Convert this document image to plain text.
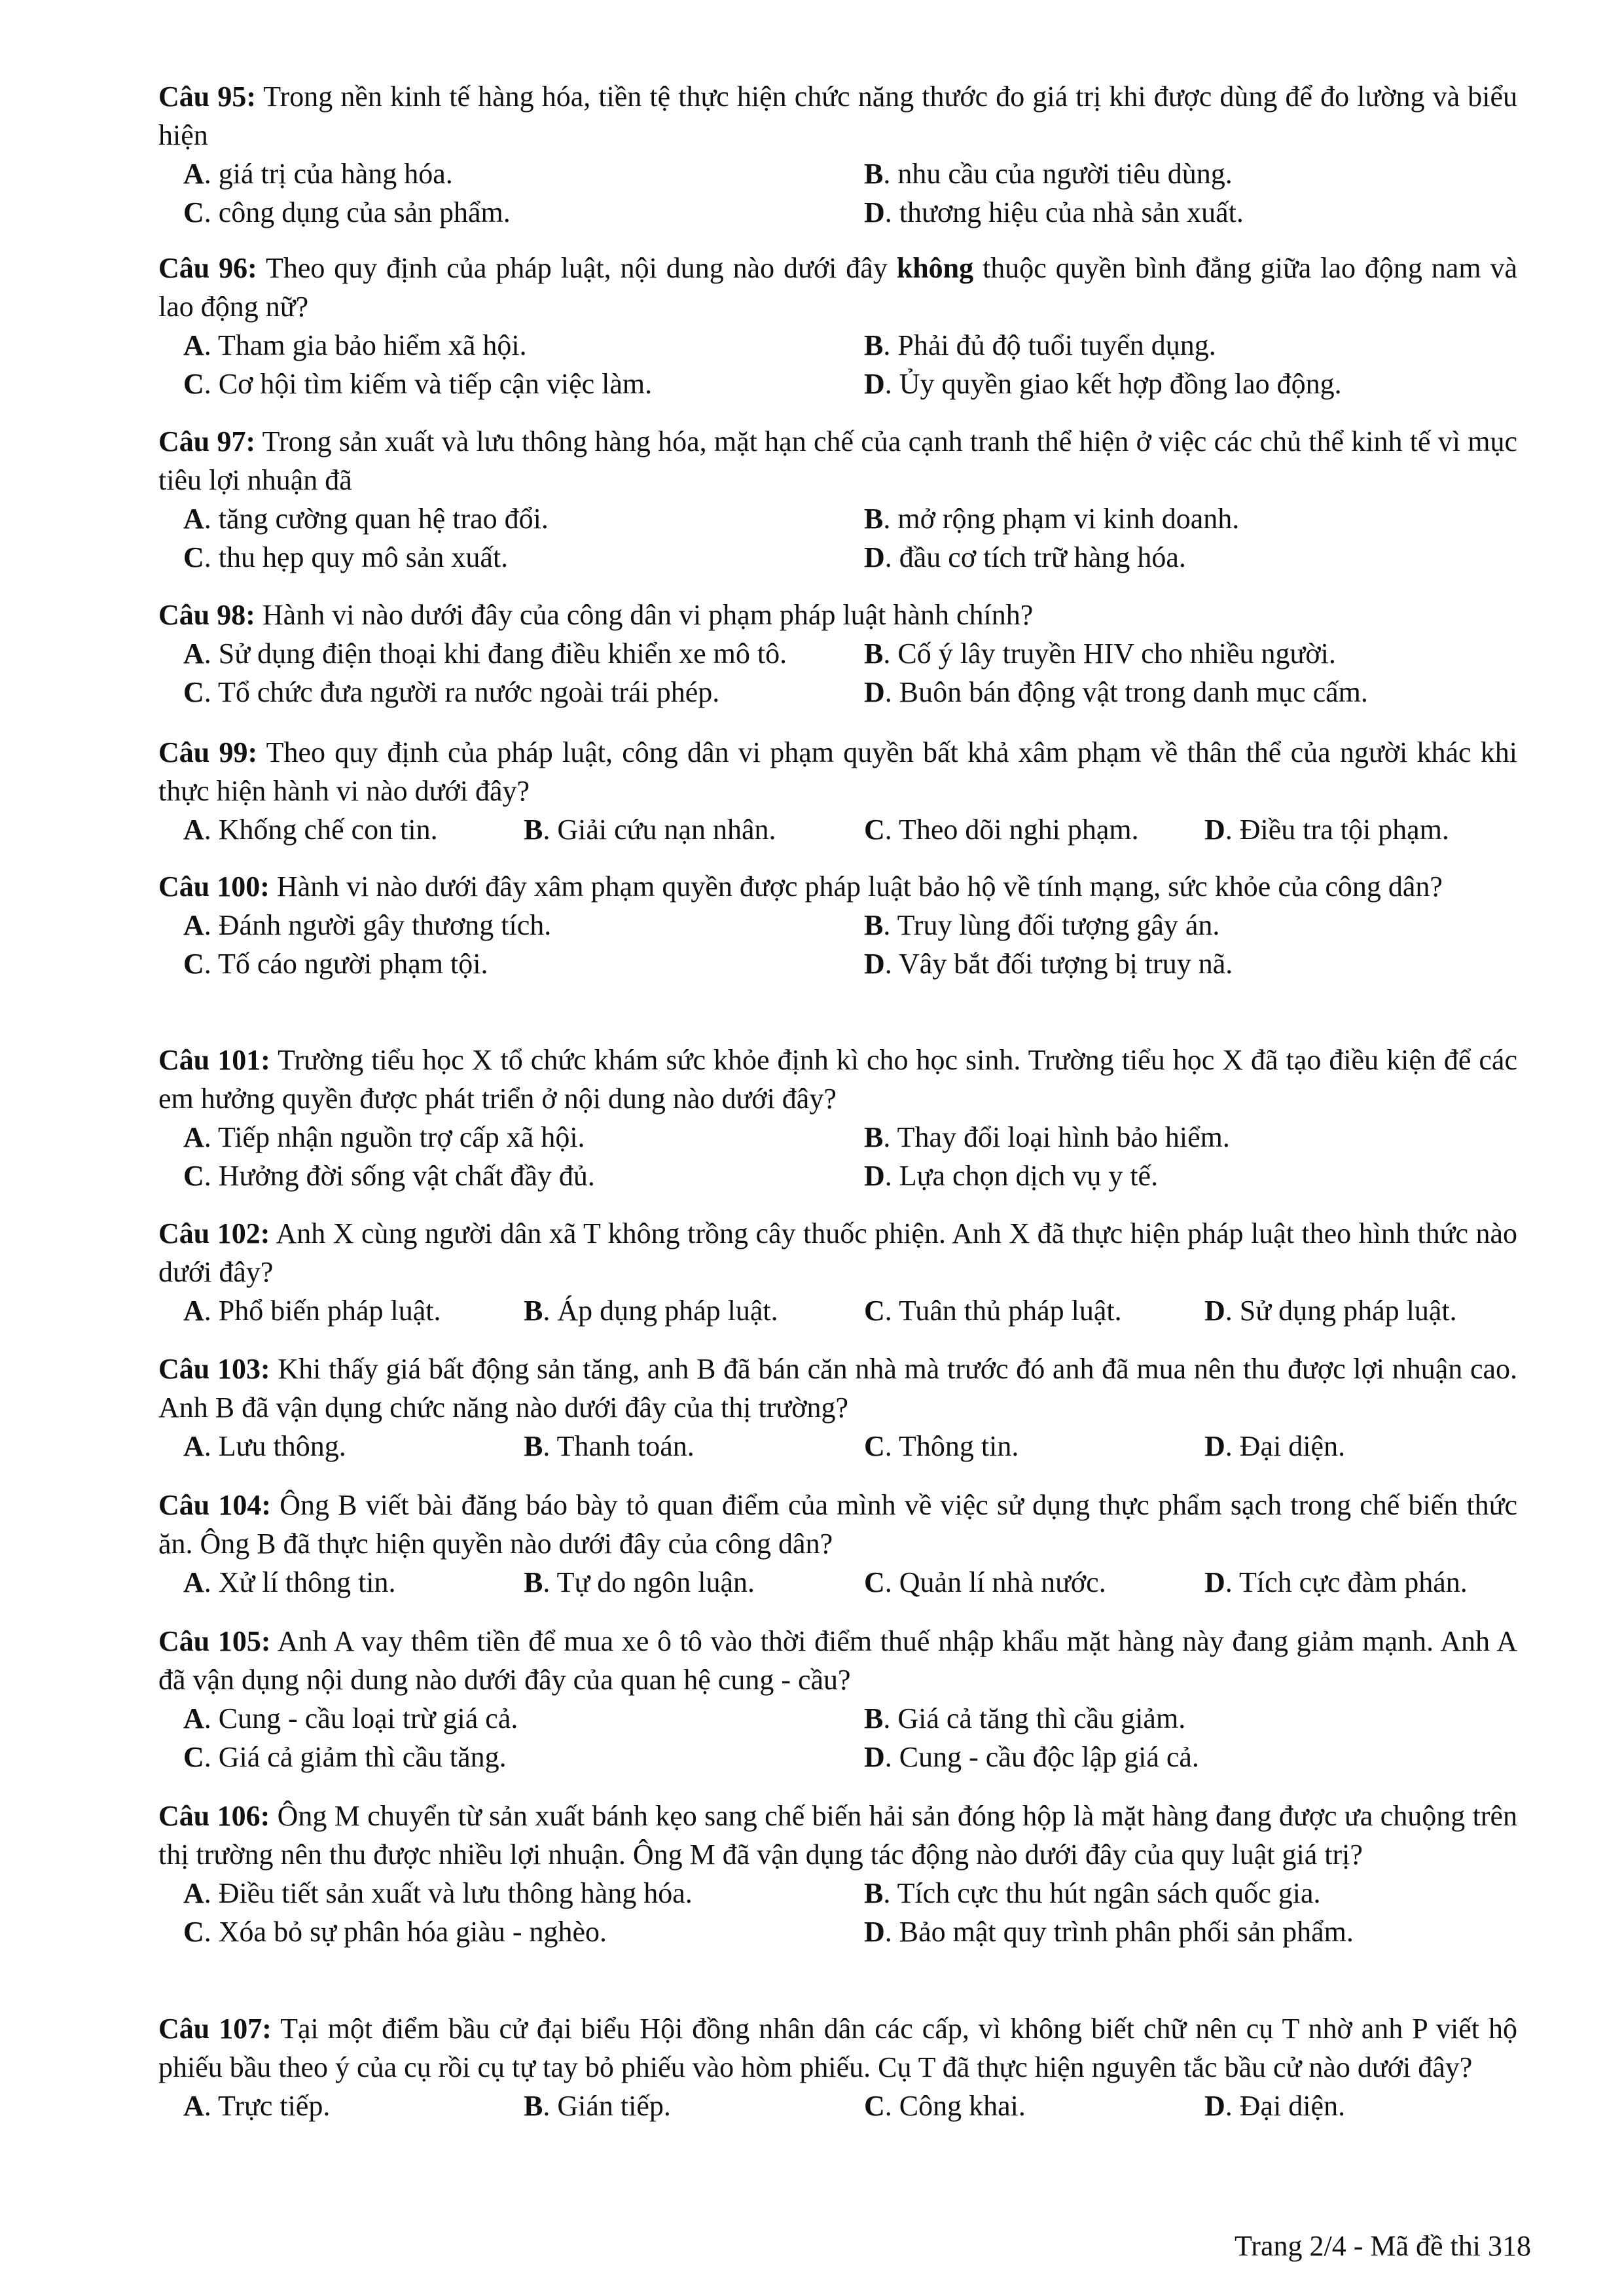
Câu 95: Trong nền kinh tế hàng hóa, tiền tệ thực hiện chức năng thước đo giá trị khi được dùng để đo lường và biểu hiện

A. giá trị của hàng hóa.	B. nhu cầu của người tiêu dùng.
C. công dụng của sản phẩm.	D. thương hiệu của nhà sản xuất.

Câu 96: Theo quy định của pháp luật, nội dung nào dưới đây không thuộc quyền bình đẳng giữa lao động nam và lao động nữ?

A. Tham gia bảo hiểm xã hội.	B. Phải đủ độ tuổi tuyển dụng.
C. Cơ hội tìm kiếm và tiếp cận việc làm.	D. Ủy quyền giao kết hợp đồng lao động.

Câu 97: Trong sản xuất và lưu thông hàng hóa, mặt hạn chế của cạnh tranh thể hiện ở việc các chủ thể kinh tế vì mục tiêu lợi nhuận đã

A. tăng cường quan hệ trao đổi.	B. mở rộng phạm vi kinh doanh.
C. thu hẹp quy mô sản xuất.	D. đầu cơ tích trữ hàng hóa.

Câu 98: Hành vi nào dưới đây của công dân vi phạm pháp luật hành chính?

A. Sử dụng điện thoại khi đang điều khiển xe mô tô.	B. Cố ý lây truyền HIV cho nhiều người.
C. Tổ chức đưa người ra nước ngoài trái phép.	D. Buôn bán động vật trong danh mục cấm.

Câu 99: Theo quy định của pháp luật, công dân vi phạm quyền bất khả xâm phạm về thân thể của người khác khi thực hiện hành vi nào dưới đây?

A. Khống chế con tin.	B. Giải cứu nạn nhân.	C. Theo dõi nghi phạm.	D. Điều tra tội phạm.

Câu 100: Hành vi nào dưới đây xâm phạm quyền được pháp luật bảo hộ về tính mạng, sức khỏe của công dân?

A. Đánh người gây thương tích.	B. Truy lùng đối tượng gây án.
C. Tố cáo người phạm tội.	D. Vây bắt đối tượng bị truy nã.

Câu 101: Trường tiểu học X tổ chức khám sức khỏe định kì cho học sinh. Trường tiểu học X đã tạo điều kiện để các em hưởng quyền được phát triển ở nội dung nào dưới đây?

A. Tiếp nhận nguồn trợ cấp xã hội.	B. Thay đổi loại hình bảo hiểm.
C. Hưởng đời sống vật chất đầy đủ.	D. Lựa chọn dịch vụ y tế.

Câu 102: Anh X cùng người dân xã T không trồng cây thuốc phiện. Anh X đã thực hiện pháp luật theo hình thức nào dưới đây?

A. Phổ biến pháp luật.	B. Áp dụng pháp luật.	C. Tuân thủ pháp luật.	D. Sử dụng pháp luật.

Câu 103: Khi thấy giá bất động sản tăng, anh B đã bán căn nhà mà trước đó anh đã mua nên thu được lợi nhuận cao. Anh B đã vận dụng chức năng nào dưới đây của thị trường?

A. Lưu thông.	B. Thanh toán.	C. Thông tin.	D. Đại diện.

Câu 104: Ông B viết bài đăng báo bày tỏ quan điểm của mình về việc sử dụng thực phẩm sạch trong chế biến thức ăn. Ông B đã thực hiện quyền nào dưới đây của công dân?

A. Xử lí thông tin.	B. Tự do ngôn luận.	C. Quản lí nhà nước.	D. Tích cực đàm phán.

Câu 105: Anh A vay thêm tiền để mua xe ô tô vào thời điểm thuế nhập khẩu mặt hàng này đang giảm mạnh. Anh A đã vận dụng nội dung nào dưới đây của quan hệ cung - cầu?

A. Cung - cầu loại trừ giá cả.	B. Giá cả tăng thì cầu giảm.
C. Giá cả giảm thì cầu tăng.	D. Cung - cầu độc lập giá cả.

Câu 106: Ông M chuyển từ sản xuất bánh kẹo sang chế biến hải sản đóng hộp là mặt hàng đang được ưa chuộng trên thị trường nên thu được nhiều lợi nhuận. Ông M đã vận dụng tác động nào dưới đây của quy luật giá trị?

A. Điều tiết sản xuất và lưu thông hàng hóa.	B. Tích cực thu hút ngân sách quốc gia.
C. Xóa bỏ sự phân hóa giàu - nghèo.	D. Bảo mật quy trình phân phối sản phẩm.

Câu 107: Tại một điểm bầu cử đại biểu Hội đồng nhân dân các cấp, vì không biết chữ nên cụ T nhờ anh P viết hộ phiếu bầu theo ý của cụ rồi cụ tự tay bỏ phiếu vào hòm phiếu. Cụ T đã thực hiện nguyên tắc bầu cử nào dưới đây?

A. Trực tiếp.	B. Gián tiếp.	C. Công khai.	D. Đại diện.
Trang 2/4 - Mã đề thi 318
